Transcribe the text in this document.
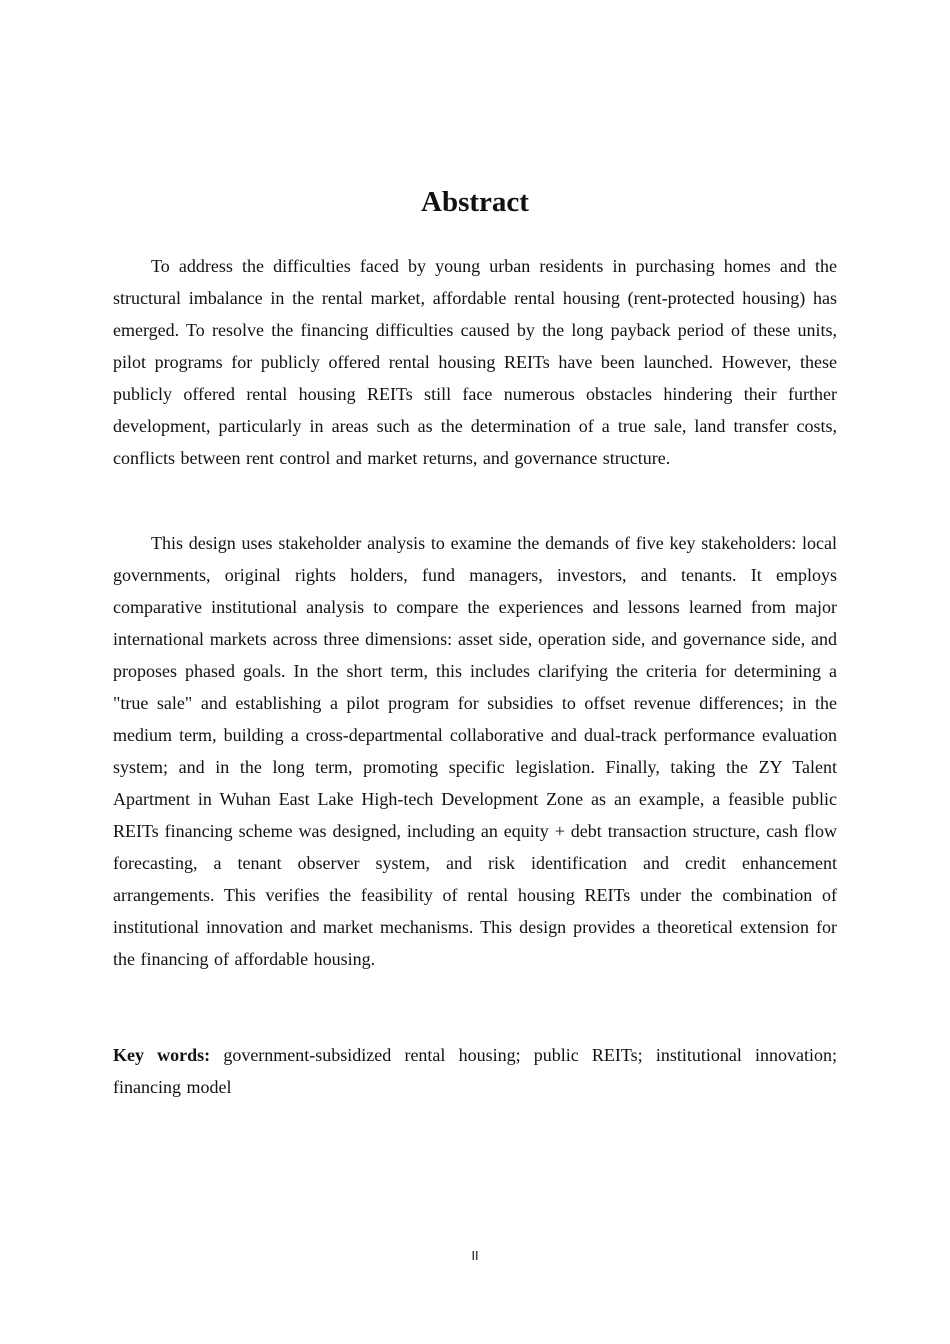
Abstract

To address the difficulties faced by young urban residents in purchasing homes and the structural imbalance in the rental market, affordable rental housing (rent-protected housing) has emerged. To resolve the financing difficulties caused by the long payback period of these units, pilot programs for publicly offered rental housing REITs have been launched. However, these publicly offered rental housing REITs still face numerous obstacles hindering their further development, particularly in areas such as the determination of a true sale, land transfer costs, conflicts between rent control and market returns, and governance structure.

This design uses stakeholder analysis to examine the demands of five key stakeholders: local governments, original rights holders, fund managers, investors, and tenants. It employs comparative institutional analysis to compare the experiences and lessons learned from major international markets across three dimensions: asset side, operation side, and governance side, and proposes phased goals. In the short term, this includes clarifying the criteria for determining a "true sale" and establishing a pilot program for subsidies to offset revenue differences; in the medium term, building a cross-departmental collaborative and dual-track performance evaluation system; and in the long term, promoting specific legislation. Finally, taking the ZY Talent Apartment in Wuhan East Lake High-tech Development Zone as an example, a feasible public REITs financing scheme was designed, including an equity + debt transaction structure, cash flow forecasting, a tenant observer system, and risk identification and credit enhancement arrangements. This verifies the feasibility of rental housing REITs under the combination of institutional innovation and market mechanisms. This design provides a theoretical extension for the financing of affordable housing.

Key words: government-subsidized rental housing; public REITs; institutional innovation; financing model

II
